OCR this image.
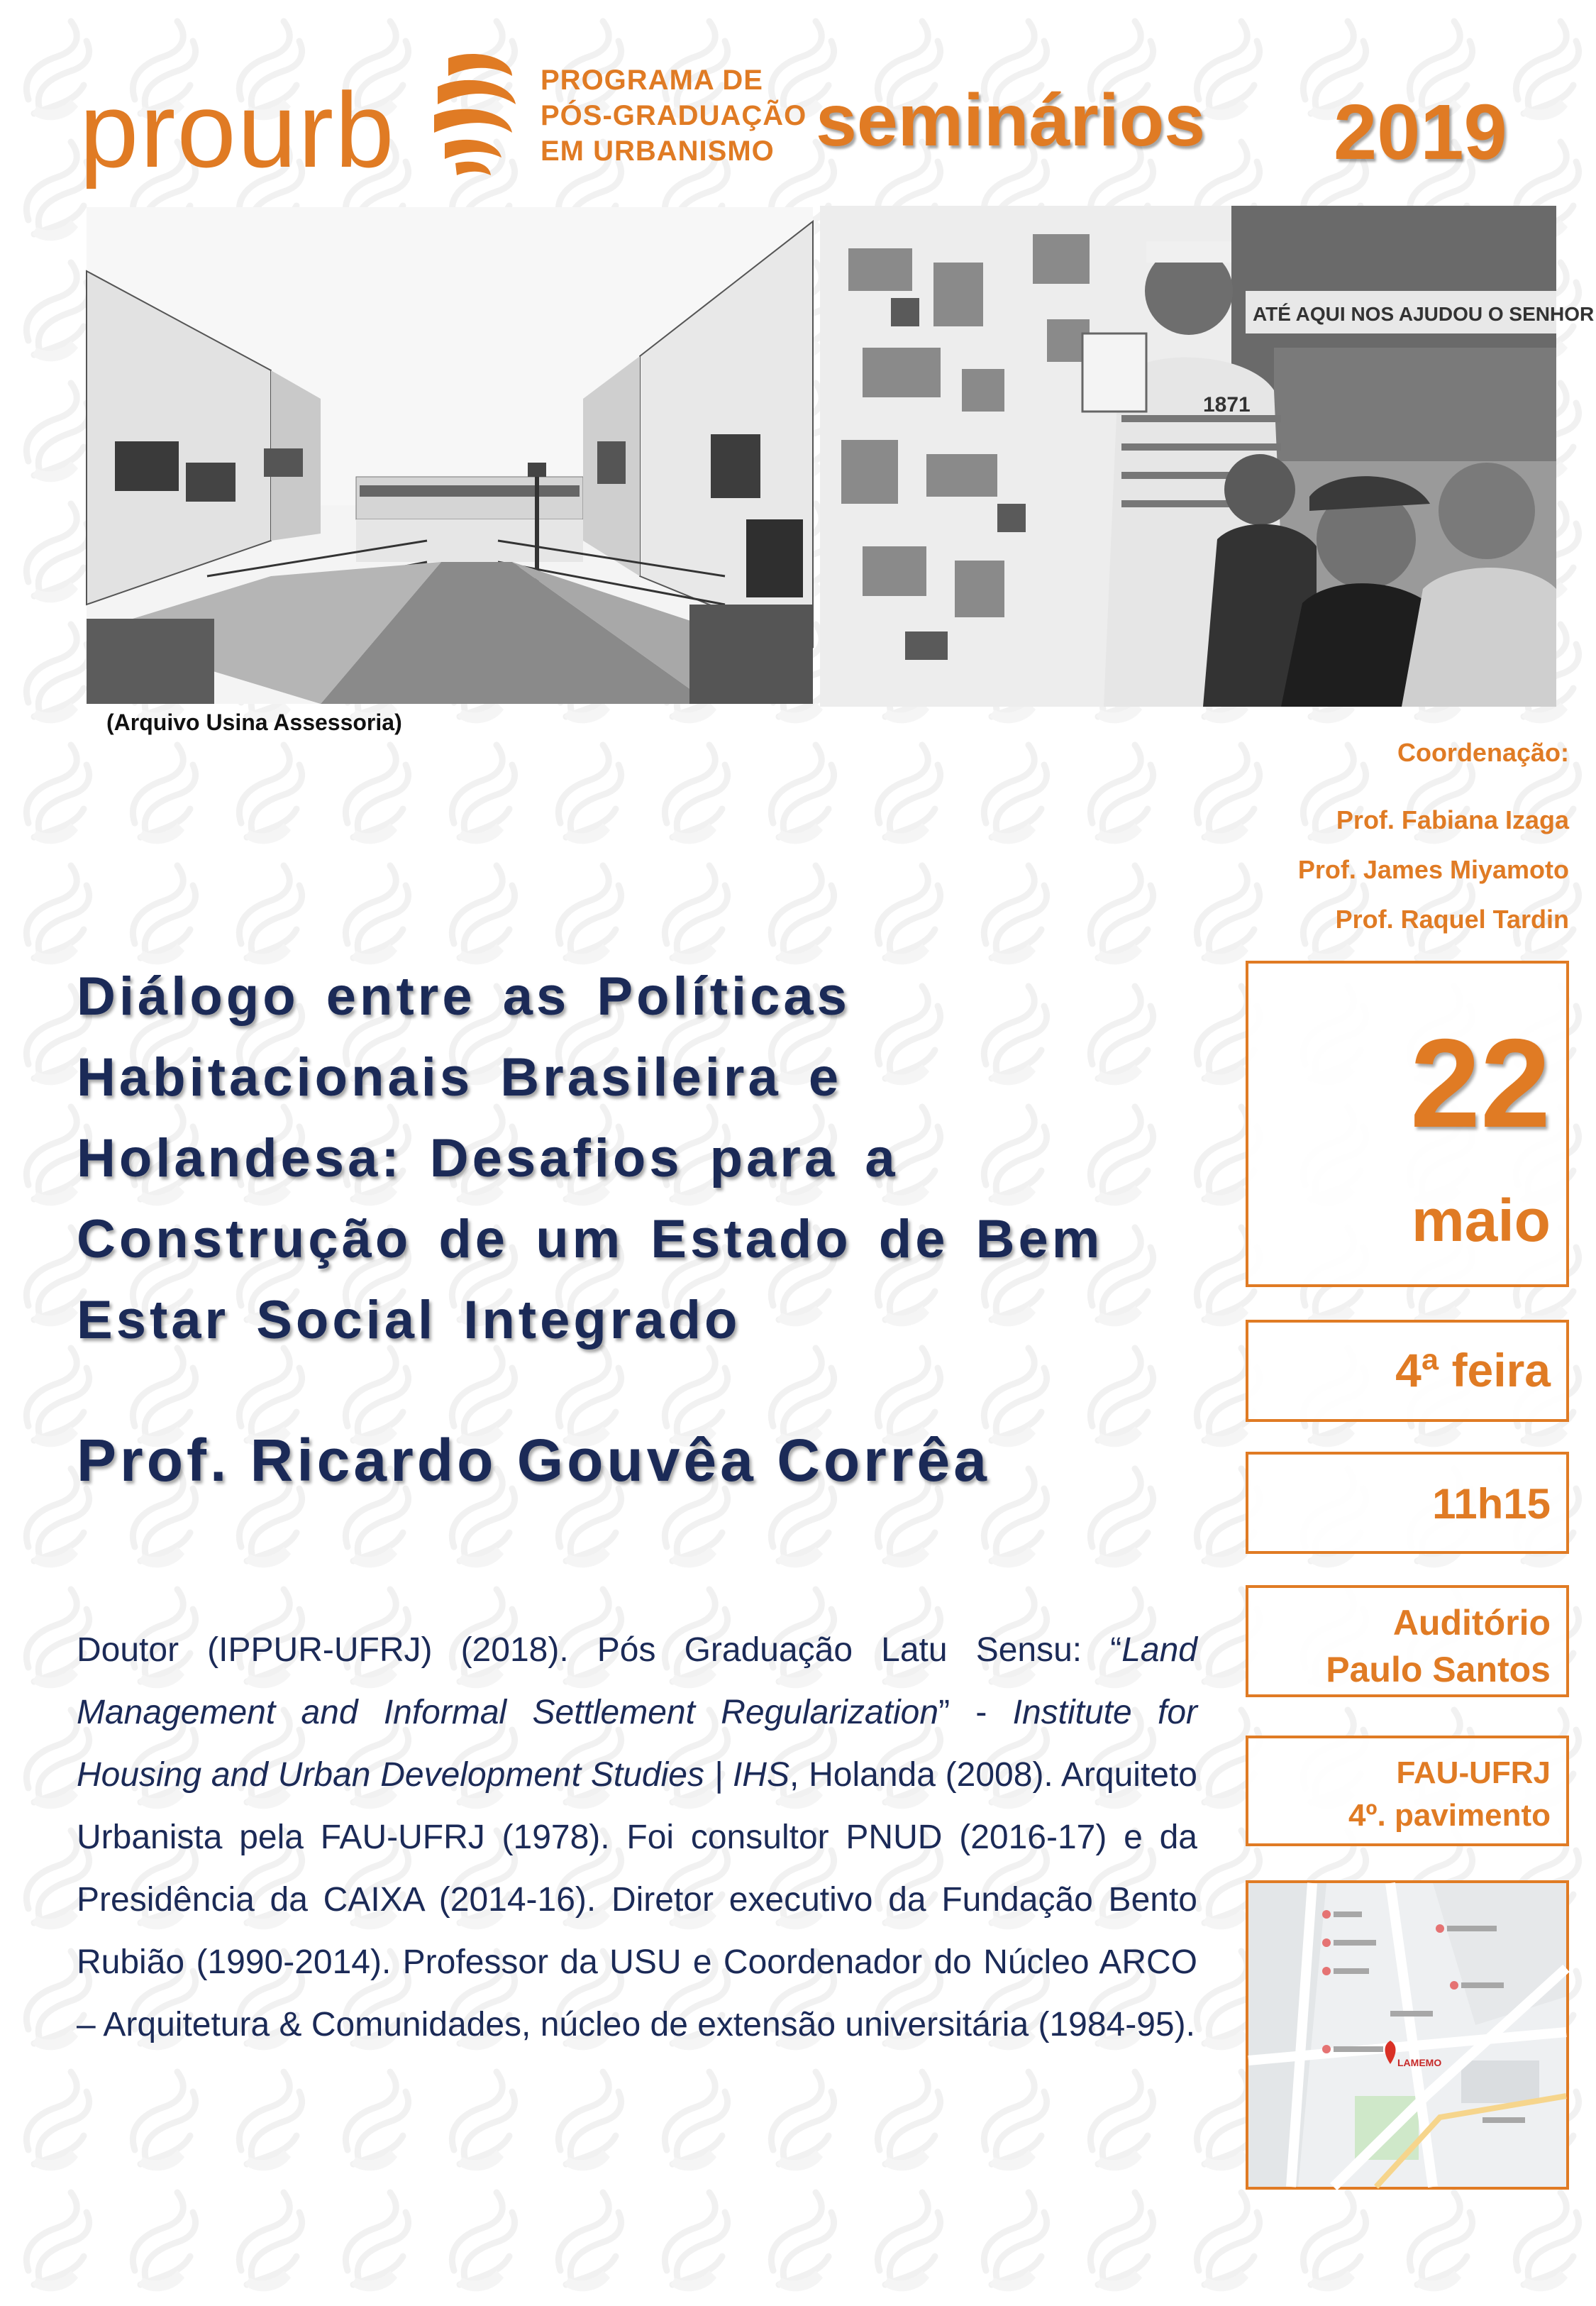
prourb	PROGRAMA DE
PÓS-GRADUAÇÃO
EM URBANISMO seminários 2019
ATÉ AQUI NOS AJUDOU O SENHOR
1871
(Arquivo Usina Assessoria)
Coordenação:
Prof. Fabiana Izaga
Prof. James Miyamoto
Prof. Raquel Tardin
Diálogo entre as Políticas
Habitacionais Brasileira e
Holandesa: Desafios para a
Construção de um Estado de Bem
Estar Social Integrado
Prof. Ricardo Gouvêa Corrêa
Doutor (IPPUR-UFRJ) (2018). Pós Graduação Latu Sensu: “Land Management and Informal Settlement Regularization” - Institute for Housing and Urban Development Studies | IHS, Holanda (2008). Arquiteto Urbanista pela FAU-UFRJ (1978). Foi consultor PNUD (2016-17) e da Presidência da CAIXA (2014-16). Diretor executivo da Fundação Bento Rubião (1990-2014). Professor da USU e Coordenador do Núcleo ARCO – Arquitetura & Comunidades, núcleo de extensão universitária (1984-95).
22
maio
4ª feira
11h15
Auditório
Paulo Santos
FAU-UFRJ
4º. pavimento
LAMEMO
